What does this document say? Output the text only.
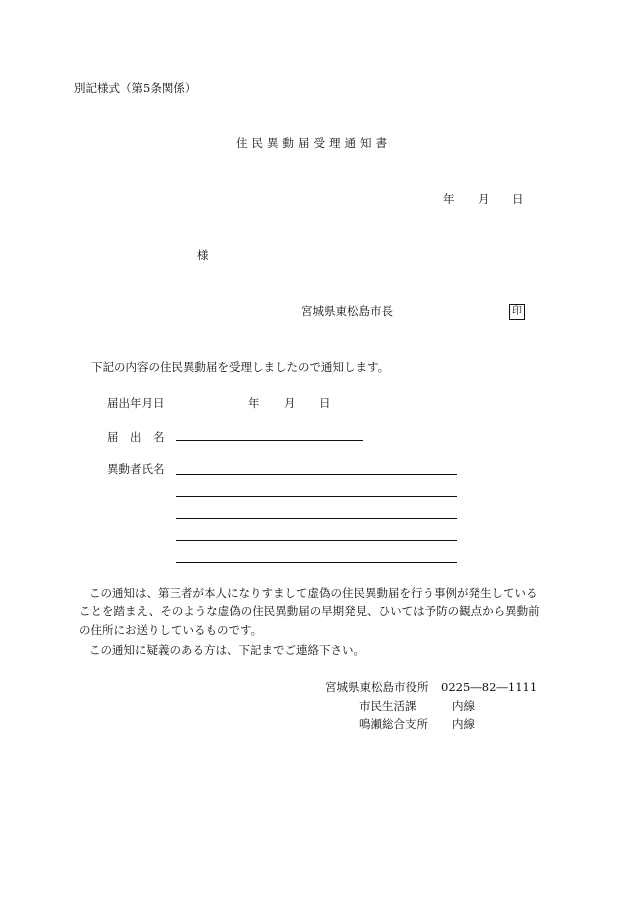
別記様式（第5条関係）
住民異動届受理通知書
年 月 日
様
宮城県東松島市長	印
下記の内容の住民異動届を受理しましたので通知します。
届出年月日	年 月 日
届　出　名
異動者氏名
この通知は、第三者が本人になりすまして虚偽の住民異動届を行う事例が発生している
ことを踏まえ、そのような虚偽の住民異動届の早期発見、ひいては予防の観点から異動前
の住所にお送りしているものです。
この通知に疑義のある方は、下記までご連絡下さい。
宮城県東松島市役所 0225―82―1111
市民生活課	内線
鳴瀬総合支所 内線
